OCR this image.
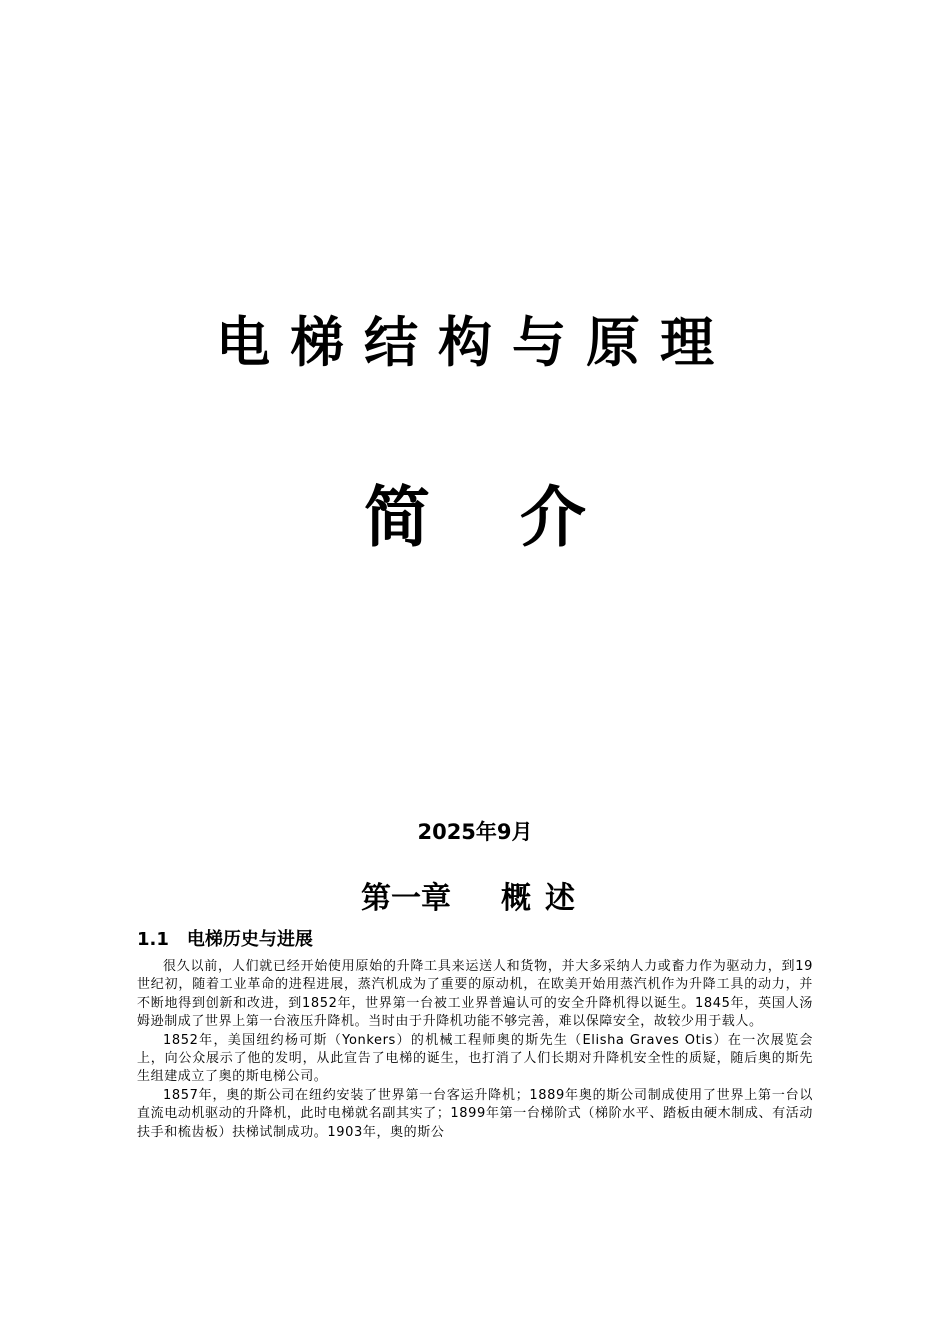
电梯结构与原理
简介
2025年9月
第一章 概述
1.1 电梯历史与进展

很久以前，人们就已经开始使用原始的升降工具来运送人和货物，并大多采纳人力或畜力作为驱动力，到19世纪初，随着工业革命的进程进展，蒸汽机成为了重要的原动机，在欧美开始用蒸汽机作为升降工具的动力，并不断地得到创新和改进，到1852年，世界第一台被工业界普遍认可的安全升降机得以诞生。1845年，英国人汤姆逊制成了世界上第一台液压升降机。当时由于升降机功能不够完善，难以保障安全，故较少用于载人。

1852年，美国纽约杨可斯（Yonkers）的机械工程师奥的斯先生（Elisha Graves Otis）在一次展览会上，向公众展示了他的发明，从此宣告了电梯的诞生，也打消了人们长期对升降机安全性的质疑，随后奥的斯先生组建成立了奥的斯电梯公司。

1857年，奥的斯公司在纽约安装了世界第一台客运升降机；1889年奥的斯公司制成使用了世界上第一台以直流电动机驱动的升降机，此时电梯就名副其实了；1899年第一台梯阶式（梯阶水平、踏板由硬木制成、有活动扶手和梳齿板）扶梯试制成功。1903年，奥的斯公
